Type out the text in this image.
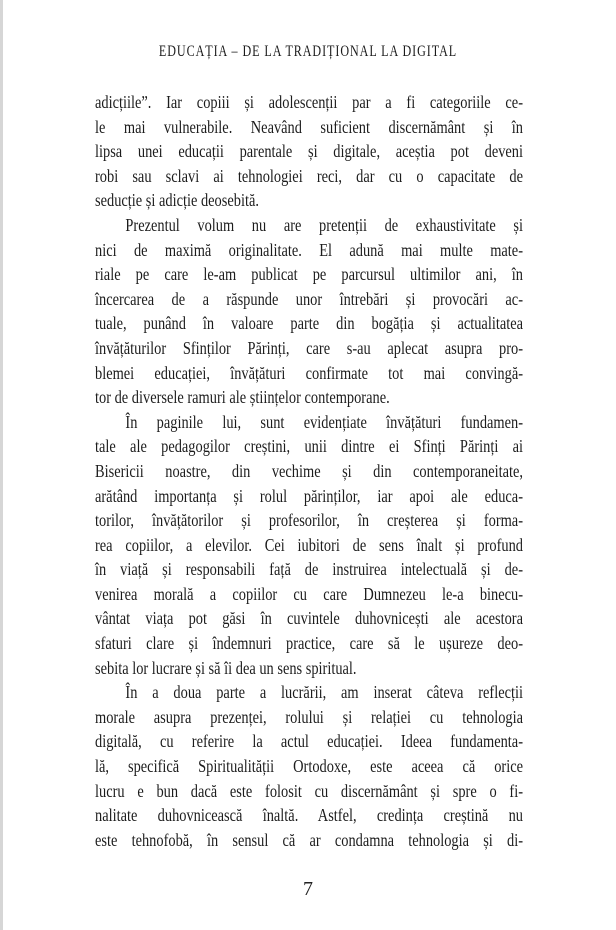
EDUCAȚIA – DE LA TRADIȚIONAL LA DIGITAL
adicțiile”. Iar copiii și adolescenții par a fi categoriile ce-
le mai vulnerabile. Neavând suficient discernământ și în
lipsa unei educații parentale și digitale, aceștia pot deveni
robi sau sclavi ai tehnologiei reci, dar cu o capacitate de
seducție și adicție deosebită.
Prezentul volum nu are pretenții de exhaustivitate și
nici de maximă originalitate. El adună mai multe mate-
riale pe care le-am publicat pe parcursul ultimilor ani, în
încercarea de a răspunde unor întrebări și provocări ac-
tuale, punând în valoare parte din bogăția și actualitatea
învățăturilor Sfinților Părinți, care s-au aplecat asupra pro-
blemei educației, învățături confirmate tot mai convingă-
tor de diversele ramuri ale științelor contemporane.
În paginile lui, sunt evidențiate învățături fundamen-
tale ale pedagogilor creștini, unii dintre ei Sfinți Părinți ai
Bisericii noastre, din vechime și din contemporaneitate,
arătând importanța și rolul părinților, iar apoi ale educa-
torilor, învățătorilor și profesorilor, în creșterea și forma-
rea copiilor, a elevilor. Cei iubitori de sens înalt și profund
în viață și responsabili față de instruirea intelectuală și de-
venirea morală a copiilor cu care Dumnezeu le-a binecu-
vântat viața pot găsi în cuvintele duhovnicești ale acestora
sfaturi clare și îndemnuri practice, care să le ușureze deo-
sebita lor lucrare și să îi dea un sens spiritual.
În a doua parte a lucrării, am inserat câteva reflecții
morale asupra prezenței, rolului și relației cu tehnologia
digitală, cu referire la actul educației. Ideea fundamenta-
lă, specifică Spiritualității Ortodoxe, este aceea că orice
lucru e bun dacă este folosit cu discernământ și spre o fi-
nalitate duhovnicească înaltă. Astfel, credința creștină nu
este tehnofobă, în sensul că ar condamna tehnologia și di-
7
